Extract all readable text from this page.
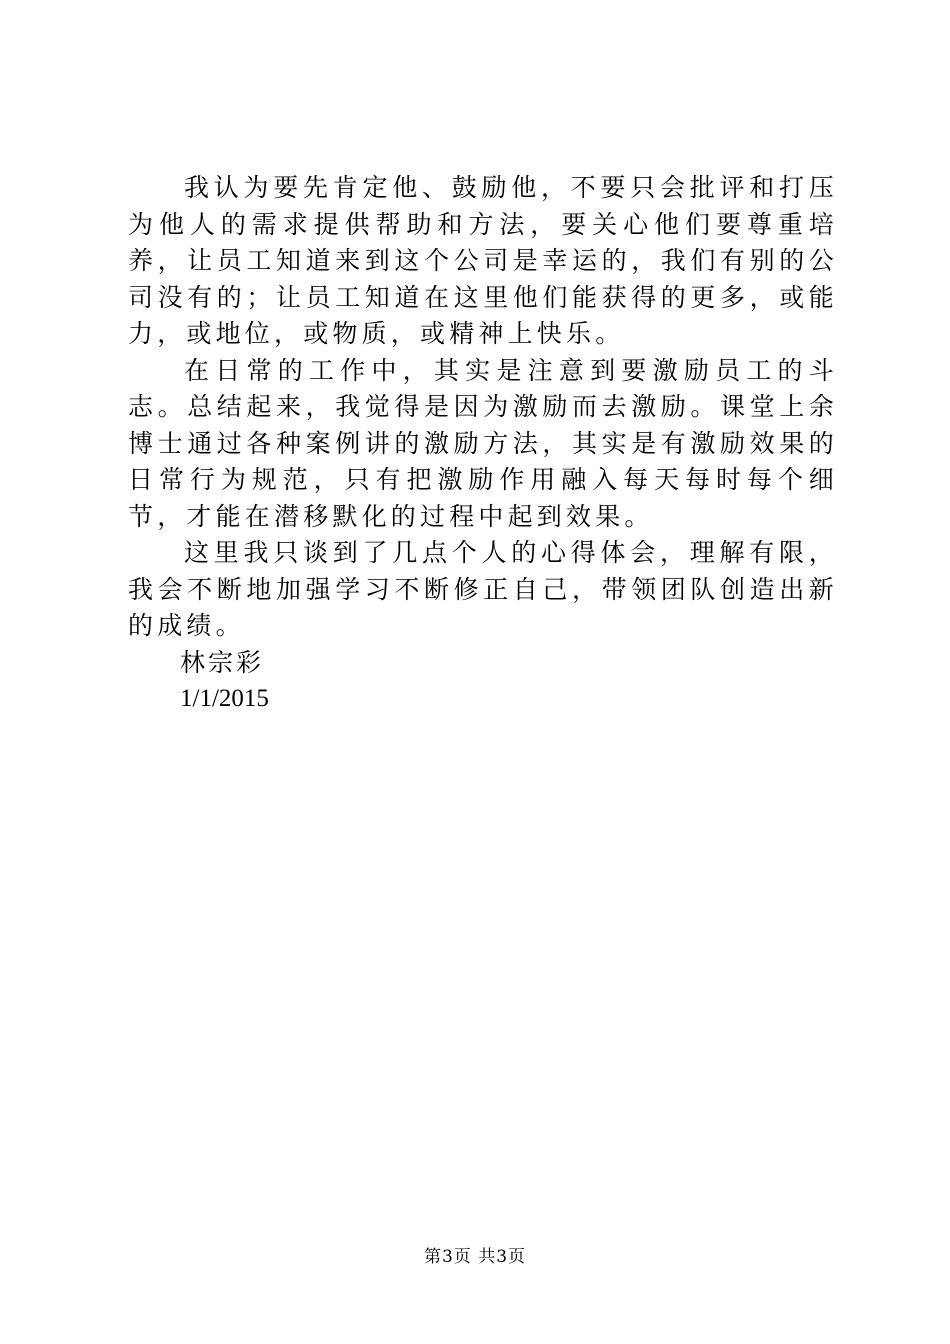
我认为要先肯定他、鼓励他，不要只会批评和打压为他人的需求提供帮助和方法，要关心他们要尊重培养，让员工知道来到这个公司是幸运的，我们有别的公司没有的；让员工知道在这里他们能获得的更多，或能力，或地位，或物质，或精神上快乐。

在日常的工作中，其实是注意到要激励员工的斗志。总结起来，我觉得是因为激励而去激励。课堂上余博士通过各种案例讲的激励方法，其实是有激励效果的日常行为规范，只有把激励作用融入每天每时每个细节，才能在潜移默化的过程中起到效果。

这里我只谈到了几点个人的心得体会，理解有限，我会不断地加强学习不断修正自己，带领团队创造出新的成绩。

林宗彩

1/1/2015

第3页 共3页
